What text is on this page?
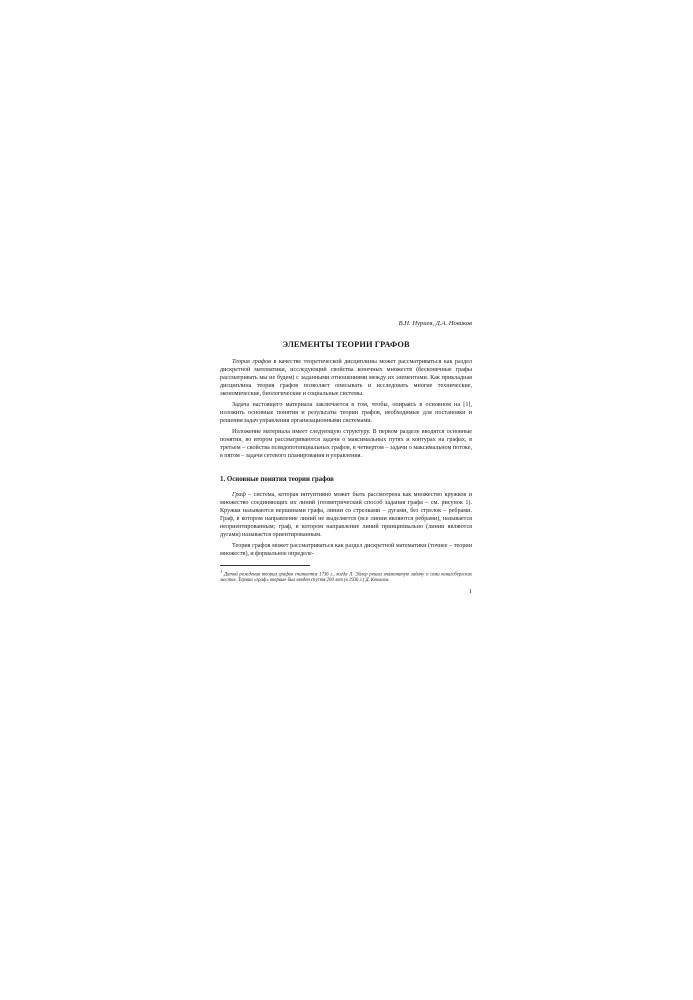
В.Н. Нуриев, Д.А. Новиков
ЭЛЕМЕНТЫ ТЕОРИИ ГРАФОВ

Теория графов в качестве теоретической дисциплины может рассматриваться как раздел дискретной математики, исследующий свойства конечных множеств (бесконечные графы рассматривать мы не будем) с заданными отношениями между их элементами. Как прикладная дисциплина теория графов позволяет описывать и исследовать многие технические, экономические, биологические и социальные системы.

Задача настоящего материала заключается в том, чтобы, опираясь в основном на [1], изложить основные понятия и результаты теории графов, необходимые для постановки и решения задач управления организационными системами.

Изложение материала имеет следующую структуру. В первом разделе вводятся основные понятия, во втором рассматриваются задачи о максимальных путях и контурах на графах, в третьем – свойства псевдопотенциальных графов, в четвертом – задачи о максимальном потоке, в пятом – задачи сетевого планирования и управления.

1. Основные понятия теории графов

Граф – система, которая интуитивно может быть рассмотрена как множество кружков и множество соединяющих их линий (геометрический способ задания графа – см. рисунок 1). Кружки называются вершинами графа, линии со стрелками – дугами, без стрелок – ребрами. Граф, в котором направление линий не выделяется (все линии являются ребрами), называется неориентированным; граф, в котором направление линий принципиально (линии являются дугами) называется ориентированным.

Теория графов может рассматриваться как раздел дискретной математики (точнее – теории множеств), и формальное определе-

$^1$ Датой рождения теории графов считается 1736 г., когда Л. Эйлер решил знаменитую задачу о семи кенигсбергских мостах. Термин «граф» впервые был введен спустя 200 лет (в 1936 г.) Д. Кенигом.
1
